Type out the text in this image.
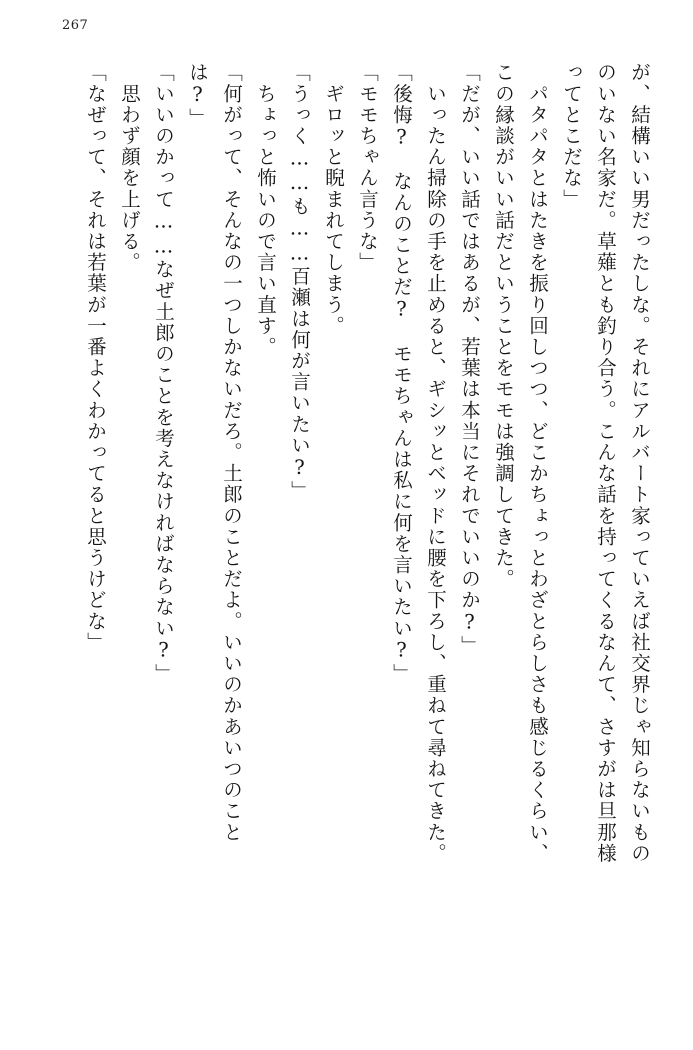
267
が、結構いい男だったしな。それにアルバート家っていえば社交界じゃ知らないもの
のいない名家だ。草薙とも釣り合う。こんな話を持ってくるなんて、さすがは旦那様
ってとこだな」
　パタパタとはたきを振り回しつつ、どこかちょっとわざとらしさも感じるくらい、
この縁談がいい話だということをモモは強調してきた。
「だが、いい話ではあるが、若葉は本当にそれでいいのか?」
　いったん掃除の手を止めると、ギシッとベッドに腰を下ろし、重ねて尋ねてきた。
「後悔?　なんのことだ?　モモちゃんは私に何を言いたい?」
「モモちゃん言うな」
　ギロッと睨まれてしまう。
「うっく……も……百瀬は何が言いたい?」
　ちょっと怖いので言い直す。
「何がって、そんなの一つしかないだろ。土郎のことだよ。いいのかあいつのこと
は?」
「いいのかって……なぜ土郎のことを考えなければならない?」
　思わず顔を上げる。
「なぜって、それは若葉が一番よくわかってると思うけどな」
